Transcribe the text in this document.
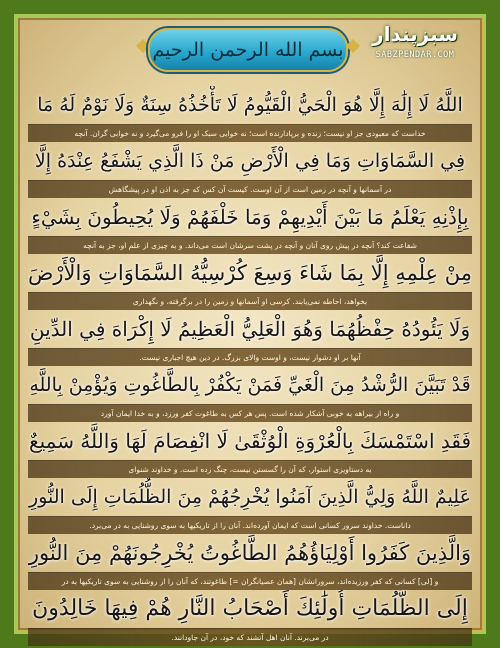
بسم الله الرحمن الرحيم
سبزپندار
SABZPENDAR.COM
اللَّهُ لَا إِلَٰهَ إِلَّا هُوَ الْحَيُّ الْقَيُّومُ لَا تَأْخُذُهُ سِنَةٌ وَلَا نَوْمٌ لَهُ مَا
خداست که معبودی جز او نیست؛ زنده و برپادارنده است؛ نه خوابی سبک او را فرو می‌گیرد و نه خوابی گران. آنچه
فِي السَّمَاوَاتِ وَمَا فِي الْأَرْضِ مَنْ ذَا الَّذِي يَشْفَعُ عِنْدَهُ إِلَّا
در آسمانها و آنچه در زمین است از آن اوست. کیست آن کس که جز به اذن او در پیشگاهش
بِإِذْنِهِ يَعْلَمُ مَا بَيْنَ أَيْدِيهِمْ وَمَا خَلْفَهُمْ وَلَا يُحِيطُونَ بِشَيْءٍ
شفاعت کند؟ آنچه در پیش روی آنان و آنچه در پشت سرشان است می‌داند. و به چیزی از علم او، جز به آنچه
مِنْ عِلْمِهِ إِلَّا بِمَا شَاءَ وَسِعَ كُرْسِيُّهُ السَّمَاوَاتِ وَالْأَرْضَ
بخواهد، احاطه نمی‌یابند. کرسی او آسمانها و زمین را در برگرفته، و نگهداری
وَلَا يَئُودُهُ حِفْظُهُمَا وَهُوَ الْعَلِيُّ الْعَظِيمُ لَا إِكْرَاهَ فِي الدِّينِ
آنها بر او دشوار نیست، و اوست والای بزرگ. در دین هیچ اجباری نیست.
قَدْ تَبَيَّنَ الرُّشْدُ مِنَ الْغَيِّ فَمَنْ يَكْفُرْ بِالطَّاغُوتِ وَيُؤْمِنْ بِاللَّهِ
و راه از بیراهه به خوبی آشکار شده است. پس هر کس به طاغوت کفر ورزد، و به خدا ایمان آورد
فَقَدِ اسْتَمْسَكَ بِالْعُرْوَةِ الْوُثْقَىٰ لَا انْفِصَامَ لَهَا وَاللَّهُ سَمِيعٌ
به دستاویزی استوار، که آن را گسستن نیست، چنگ زده است. و خداوند شنوای
عَلِيمٌ اللَّهُ وَلِيُّ الَّذِينَ آمَنُوا يُخْرِجُهُمْ مِنَ الظُّلُمَاتِ إِلَى النُّورِ
داناست. خداوند سرور کسانی است که ایمان آورده‌اند. آنان را از تاریکیها به سوی روشنایی به در می‌برد.
وَالَّذِينَ كَفَرُوا أَوْلِيَاؤُهُمُ الطَّاغُوتُ يُخْرِجُونَهُمْ مِنَ النُّورِ
و [لی] کسانی که کفر ورزیده‌اند، سرورانشان [همان عصیانگران =] طاغوتند، که آنان را از روشنایی به سوی تاریکیها به در
إِلَى الظُّلُمَاتِ أُولَٰئِكَ أَصْحَابُ النَّارِ هُمْ فِيهَا خَالِدُونَ
در می‌برند. آنان اهل آتشند که خود، در آن جاودانند.
